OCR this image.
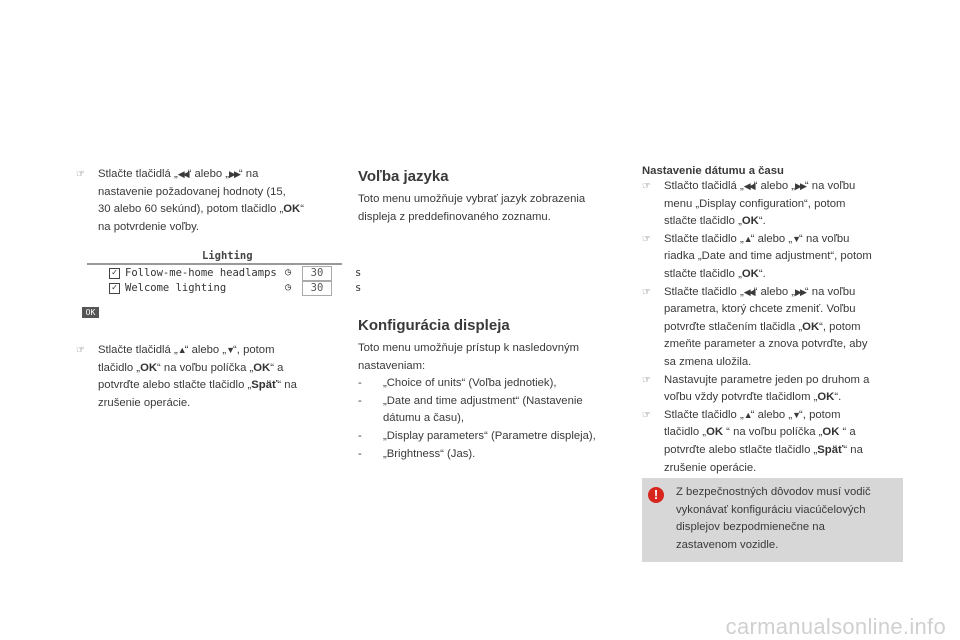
☞ Stlačte tlačidlá „◀◀“ alebo „▶▶“ na
nastavenie požadovanej hodnoty (15,
30 alebo 60 sekúnd), potom tlačidlo „OK“
na potvrdenie voľby.
Lighting
✓ Follow-me-home headlamps ◷	30	s
✓ Welcome lighting	◷	30	s
OK
☞ Stlačte tlačidlá „▲“ alebo „▼“, potom
tlačidlo „OK“ na voľbu políčka „OK“ a
potvrďte alebo stlačte tlačidlo „Späť“ na
zrušenie operácie.
Voľba jazyka
Toto menu umožňuje vybrať jazyk zobrazenia
displeja z preddefinovaného zoznamu.
Konfigurácia displeja
Toto menu umožňuje prístup k nasledovným
nastaveniam:
- „Choice of units“ (Voľba jednotiek),
- „Date and time adjustment“ (Nastavenie
dátumu a času),
- „Display parameters“ (Parametre displeja),
- „Brightness“ (Jas).
Nastavenie dátumu a času
☞ Stlačto tlačidlá „◀◀“ alebo „▶▶“ na voľbu
menu „Display configuration“, potom
stlačte tlačidlo „OK“.
☞ Stlačte tlačidlo „▲“ alebo „▼“ na voľbu
riadka „Date and time adjustment“, potom
stlačte tlačidlo „OK“.
☞ Stlačte tlačidlo „◀◀“ alebo „▶▶“ na voľbu
parametra, ktorý chcete zmeniť. Voľbu
potvrďte stlačením tlačidla „OK“, potom
zmeňte parameter a znova potvrďte, aby
sa zmena uložila.
☞ Nastavujte parametre jeden po druhom a
voľbu vždy potvrďte tlačidlom „OK“.
☞ Stlačte tlačidlo „▲“ alebo „▼“, potom
tlačidlo „OK “ na voľbu políčka „OK “ a
potvrďte alebo stlačte tlačidlo „Späť“ na
zrušenie operácie.
!	Z bezpečnostných dôvodov musí vodič
vykonávať konfiguráciu viacúčelových
displejov bezpodmienečne na
zastavenom vozidle.
carmanualsonline.info
